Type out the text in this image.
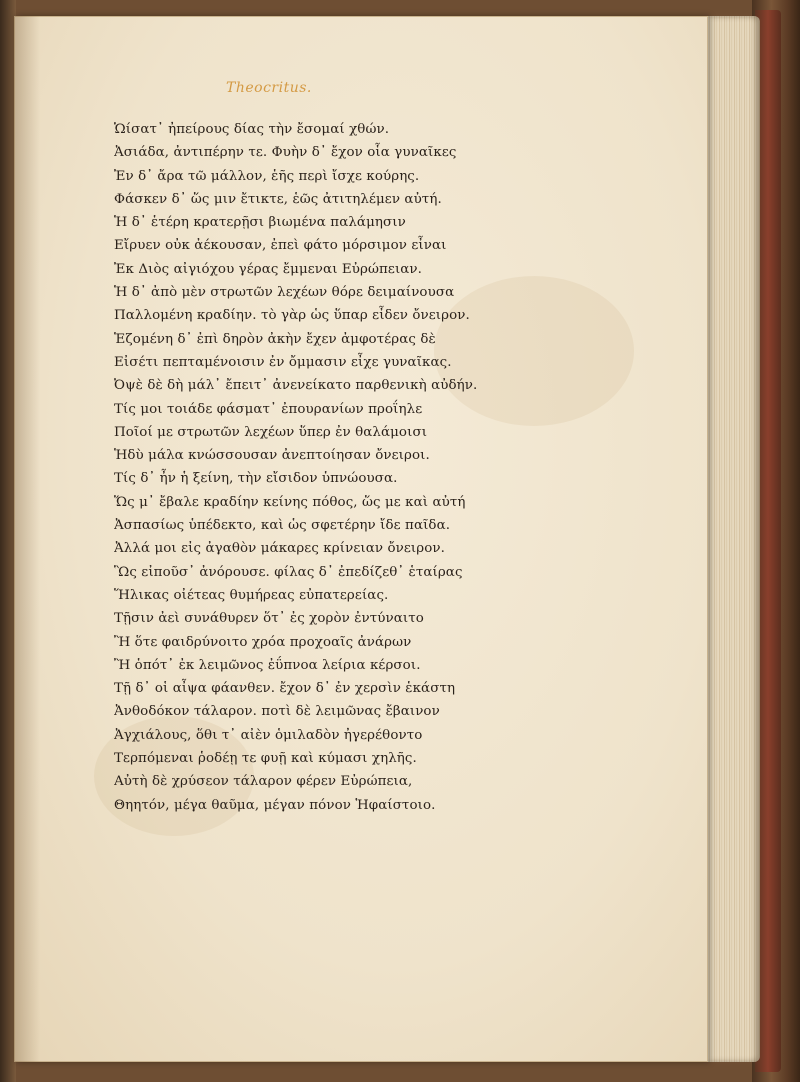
Theocritus.
Ὡίσατ᾽ ἠπείρους δίας τὴν ἔσομαί χθών.
Ἀσιάδα, ἀντιπέρην τε. Φυὴν δ᾽ ἔχον οἷα γυναῖκες
Ἐν δ᾽ ἄρα τῶ μάλλον, ἑῆς περὶ ἴσχε κούρης.
Φάσκεν δ᾽ ὥς μιν ἔτικτε, ἑῶς ἀτιτηλέμεν αὐτή.
Ἡ δ᾽ ἑτέρη κρατερῇσι βιωμένα παλάμησιν
Εἴρυεν οὐκ ἀέκουσαν, ἐπεὶ φάτο μόρσιμον εἶναι
Ἐκ Διὸς αἰγιόχου γέρας ἔμμεναι Εὐρώπειαν.
Ἡ δ᾽ ἀπὸ μὲν στρωτῶν λεχέων θόρε δειμαίνουσα
Παλλομένη κραδίην. τὸ γὰρ ὡς ὕπαρ εἶδεν ὄνειρον.
Ἑζομένη δ᾽ ἐπὶ δηρὸν ἀκὴν ἔχεν ἀμφοτέρας δὲ
Εἰσέτι πεπταμένοισιν ἐν ὄμμασιν εἶχε γυναῖκας.
Ὀψὲ δὲ δὴ μάλ᾽ ἔπειτ᾽ ἀνενείκατο παρθενικὴ αὐδήν.
Τίς μοι τοιάδε φάσματ᾽ ἐπουρανίων προΐηλε
Ποῖοί με στρωτῶν λεχέων ὕπερ ἐν θαλάμοισι
Ἡδὺ μάλα κνώσσουσαν ἀνεπτοίησαν ὄνειροι.
Τίς δ᾽ ἦν ἡ ξείνη, τὴν εἴσιδον ὑπνώουσα.
Ὥς μ᾽ ἔβαλε κραδίην κείνης πόθος, ὥς με καὶ αὐτή
Ἀσπασίως ὑπέδεκτο, καὶ ὡς σφετέρην ἴδε παῖδα.
Ἀλλά μοι εἰς ἀγαθὸν μάκαρες κρίνειαν ὄνειρον.
Ὣς εἰποῦσ᾽ ἀνόρουσε. φίλας δ᾽ ἐπεδίζεθ᾽ ἑταίρας
Ἥλικας οἰέτεας θυμήρεας εὐπατερείας.
Τῇσιν ἀεὶ συνάθυρεν ὅτ᾽ ἐς χορὸν ἐντύναιτο
Ἢ ὅτε φαιδρύνοιτο χρόα προχοαῖς ἀνάρων
Ἢ ὁπότ᾽ ἐκ λειμῶνος ἐΰπνοα λείρια κέρσοι.
Τῇ δ᾽ οἱ αἶψα φάανθεν. ἔχον δ᾽ ἐν χερσὶν ἑκάστη
Ἀνθοδόκον τάλαρον. ποτὶ δὲ λειμῶνας ἔβαινον
Ἀγχιάλους, ὅθι τ᾽ αἰὲν ὁμιλαδὸν ἠγερέθοντο
Τερπόμεναι ῥοδέῃ τε φυῇ καὶ κύμασι χηλῆς.
Αὐτὴ δὲ χρύσεον τάλαρον φέρεν Εὐρώπεια,
Θηητόν, μέγα θαῦμα, μέγαν πόνον Ἡφαίστοιο.
